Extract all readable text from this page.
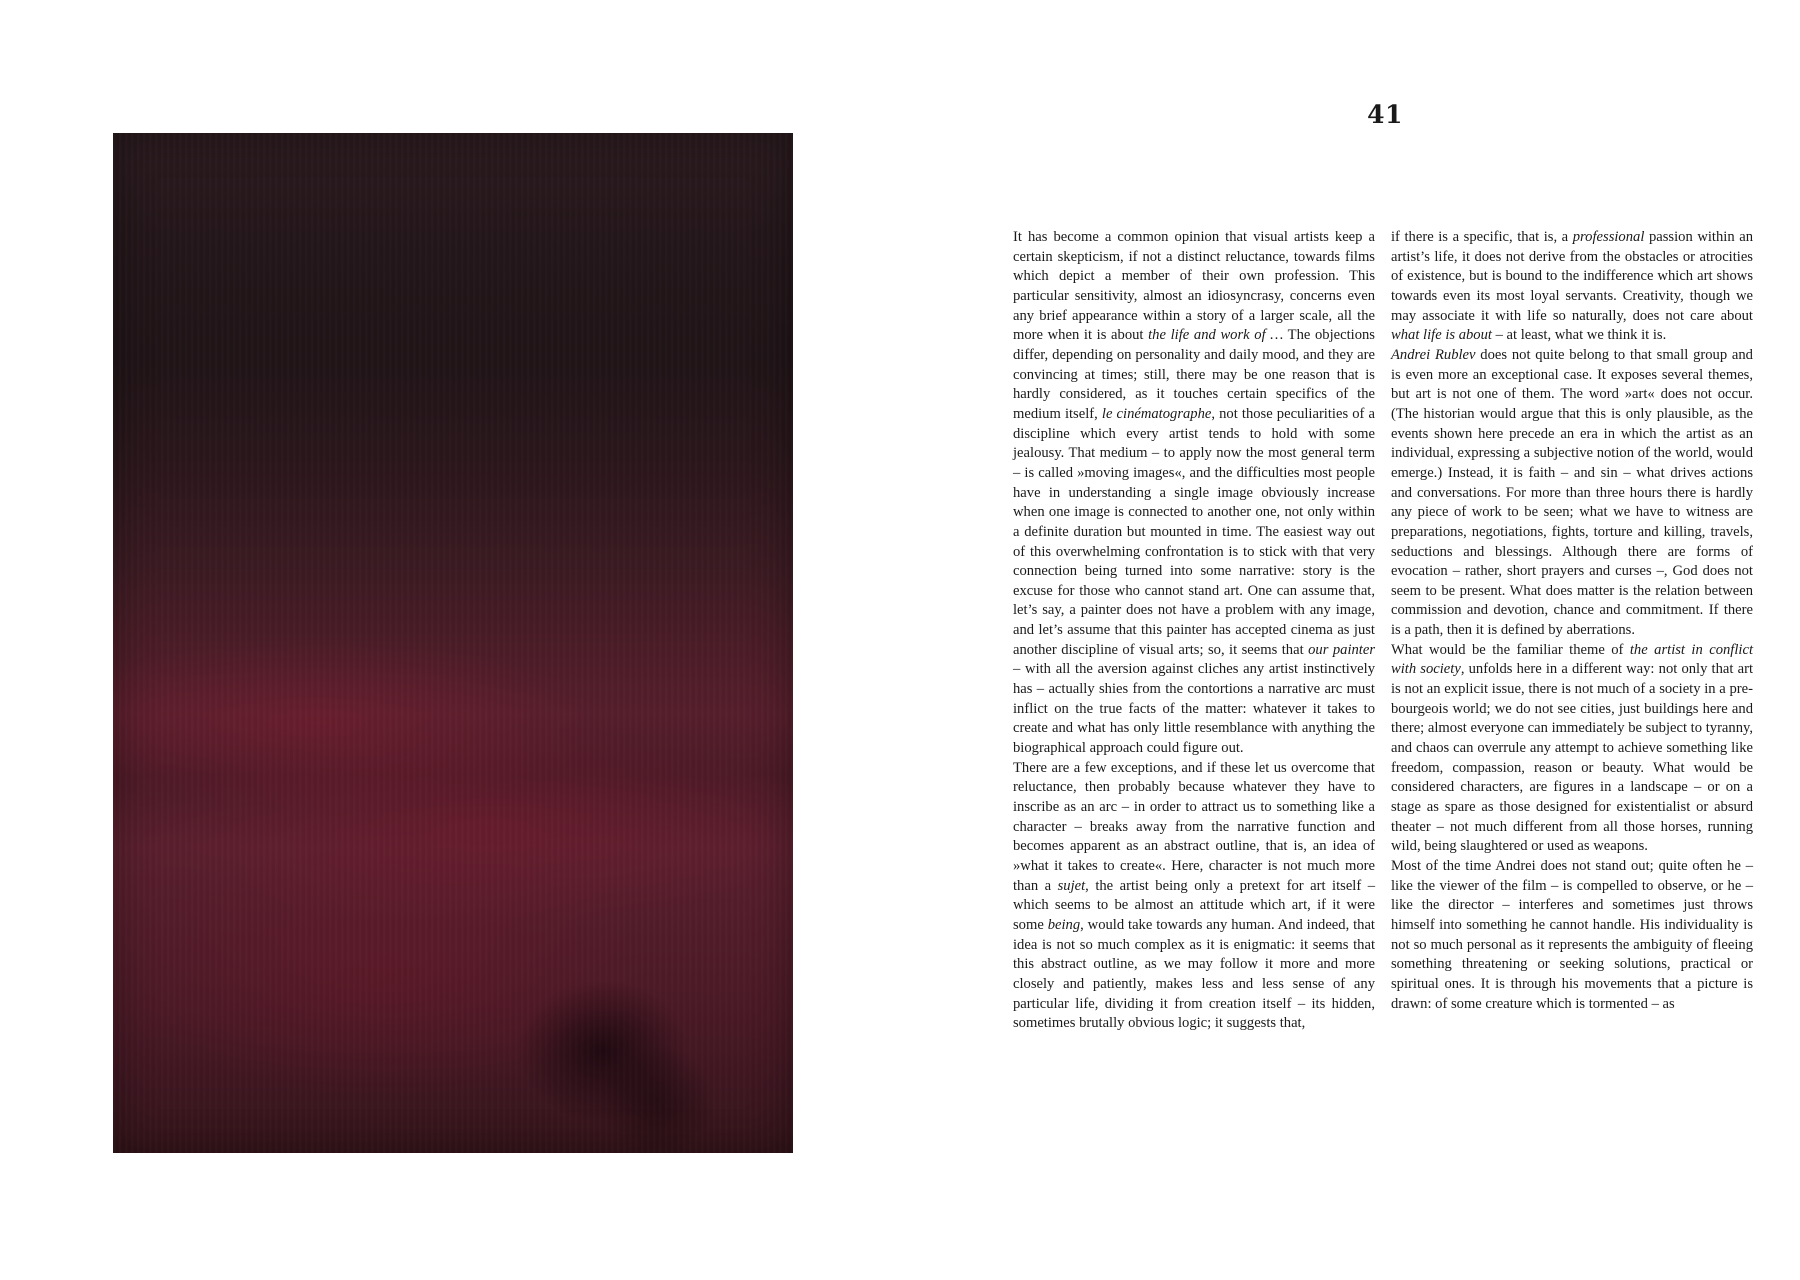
41

It has become a common opinion that visual artists keep a certain skepticism, if not a distinct reluctance, towards films which depict a member of their own profession. This particular sensitivity, almost an idiosyncrasy, concerns even any brief appearance within a story of a larger scale, all the more when it is about the life and work of … The objections differ, depending on personality and daily mood, and they are convincing at times; still, there may be one reason that is hardly considered, as it touches certain specifics of the medium itself, le cinématographe, not those peculiarities of a discipline which every artist tends to hold with some jealousy. That medium – to apply now the most general term – is called »moving images«, and the difficulties most people have in understanding a single image obviously increase when one image is connected to another one, not only within a definite duration but mounted in time. The easiest way out of this overwhelming confrontation is to stick with that very connection being turned into some narrative: story is the excuse for those who cannot stand art. One can assume that, let’s say, a painter does not have a problem with any image, and let’s assume that this painter has accepted cinema as just another discipline of visual arts; so, it seems that our painter – with all the aversion against cliches any artist instinctively has – actually shies from the contortions a narrative arc must inflict on the true facts of the matter: whatever it takes to create and what has only little resemblance with anything the biographical approach could figure out.

There are a few exceptions, and if these let us overcome that reluctance, then probably because whatever they have to inscribe as an arc – in order to attract us to something like a character – breaks away from the narrative function and becomes apparent as an abstract outline, that is, an idea of »what it takes to create«. Here, character is not much more than a sujet, the artist being only a pretext for art itself – which seems to be almost an attitude which art, if it were some being, would take towards any human. And indeed, that idea is not so much complex as it is enigmatic: it seems that this abstract outline, as we may follow it more and more closely and patiently, makes less and less sense of any particular life, dividing it from creation itself – its hidden, sometimes brutally obvious logic; it suggests that,

if there is a specific, that is, a professional passion within an artist’s life, it does not derive from the obstacles or atrocities of existence, but is bound to the indifference which art shows towards even its most loyal servants. Creativity, though we may associate it with life so naturally, does not care about what life is about – at least, what we think it is.

Andrei Rublev does not quite belong to that small group and is even more an exceptional case. It exposes several themes, but art is not one of them. The word »art« does not occur. (The historian would argue that this is only plausible, as the events shown here precede an era in which the artist as an individual, expressing a subjective notion of the world, would emerge.) Instead, it is faith – and sin – what drives actions and conversations. For more than three hours there is hardly any piece of work to be seen; what we have to witness are preparations, negotiations, fights, torture and killing, travels, seductions and blessings. Although there are forms of evocation – rather, short prayers and curses –, God does not seem to be present. What does matter is the relation between commission and devotion, chance and commitment. If there is a path, then it is defined by aberrations.

What would be the familiar theme of the artist in conflict with society, unfolds here in a different way: not only that art is not an explicit issue, there is not much of a society in a pre-bourgeois world; we do not see cities, just buildings here and there; almost everyone can immediately be subject to tyranny, and chaos can overrule any attempt to achieve something like freedom, compassion, reason or beauty. What would be considered characters, are figures in a landscape – or on a stage as spare as those designed for existentialist or absurd theater – not much different from all those horses, running wild, being slaughtered or used as weapons.

Most of the time Andrei does not stand out; quite often he – like the viewer of the film – is compelled to observe, or he – like the director – interferes and sometimes just throws himself into something he cannot handle. His individuality is not so much personal as it represents the ambiguity of fleeing something threatening or seeking solutions, practical or spiritual ones. It is through his movements that a picture is drawn: of some creature which is tormented – as
